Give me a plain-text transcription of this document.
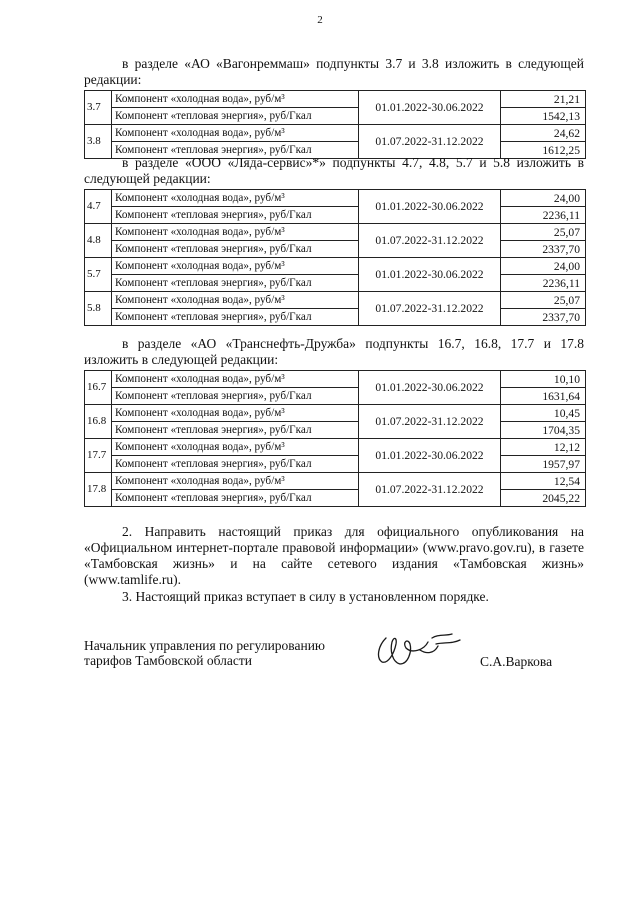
2
в разделе «АО «Вагонреммаш» подпункты 3.7 и 3.8 изложить в следующей редакции:
3.7	Компонент «холодная вода», руб/м³	01.01.2022-30.06.2022	21,21
	Компонент «тепловая энергия», руб/Гкал		1542,13
3.8	Компонент «холодная вода», руб/м³	01.07.2022-31.12.2022	24,62
	Компонент «тепловая энергия», руб/Гкал		1612,25
в разделе «ООО «Ляда-сервис»*» подпункты 4.7, 4.8, 5.7 и 5.8 изложить в следующей редакции:
4.7	Компонент «холодная вода», руб/м³	01.01.2022-30.06.2022	24,00
	Компонент «тепловая энергия», руб/Гкал		2236,11
4.8	Компонент «холодная вода», руб/м³	01.07.2022-31.12.2022	25,07
	Компонент «тепловая энергия», руб/Гкал		2337,70
5.7	Компонент «холодная вода», руб/м³	01.01.2022-30.06.2022	24,00
	Компонент «тепловая энергия», руб/Гкал		2236,11
5.8	Компонент «холодная вода», руб/м³	01.07.2022-31.12.2022	25,07
	Компонент «тепловая энергия», руб/Гкал		2337,70
в разделе «АО «Транснефть-Дружба» подпункты 16.7, 16.8, 17.7 и 17.8 изложить в следующей редакции:
16.7	Компонент «холодная вода», руб/м³	01.01.2022-30.06.2022	10,10
	Компонент «тепловая энергия», руб/Гкал		1631,64
16.8	Компонент «холодная вода», руб/м³	01.07.2022-31.12.2022	10,45
	Компонент «тепловая энергия», руб/Гкал		1704,35
17.7	Компонент «холодная вода», руб/м³	01.01.2022-30.06.2022	12,12
	Компонент «тепловая энергия», руб/Гкал		1957,97
17.8	Компонент «холодная вода», руб/м³	01.07.2022-31.12.2022	12,54
	Компонент «тепловая энергия», руб/Гкал		2045,22
2. Направить настоящий приказ для официального опубликования на «Официальном интернет-портале правовой информации» (www.pravo.gov.ru), в газете «Тамбовская жизнь» и на сайте сетевого издания «Тамбовская жизнь» (www.tamlife.ru).
3. Настоящий приказ вступает в силу в установленном порядке.
Начальник управления по регулированию
тарифов Тамбовской области	С.А.Варкова
